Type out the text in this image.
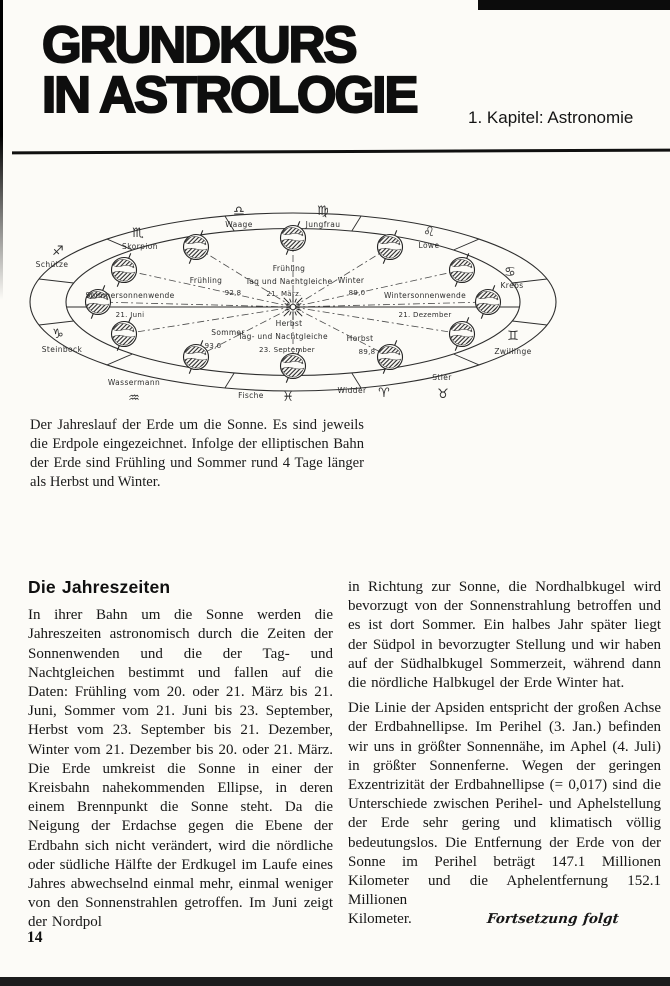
GRUNDKURS
IN ASTROLOGIE	1. Kapitel: Astronomie
Sommersonnenwende
21. Juni
Wintersonnenwende
21. Dezember
Frühling
Tag und Nachtgleiche
21. März.
Herbst
Tag- und Nachtgleiche
23. September
Frühling
92,8
Winter
89,0
Sommer
93,6
Herbst
89,8
♐
Schütze
♏
Skorpion
♎
Waage
♍
Jungfrau
♌
Löwe
♋
Krebs
♊
Zwillinge
Stier
♉
Widder ♈
Fische ♓
Wassermann
♒
♑
Steinbock
Der Jahreslauf der Erde um die Sonne. Es sind jeweils die Erdpole eingezeichnet. Infolge der elliptischen Bahn der Erde sind Frühling und Sommer rund 4 Tage länger als Herbst und Winter.
Die Jahreszeiten

In ihrer Bahn um die Sonne werden die Jahreszeiten astronomisch durch die Zeiten der Sonnenwenden und die der Tag- und Nachtgleichen bestimmt und fallen auf die Daten: Frühling vom 20. oder 21. März bis 21. Juni, Sommer vom 21. Juni bis 23. September, Herbst vom 23. September bis 21. Dezember, Winter vom 21. Dezember bis 20. oder 21. März. Die Erde umkreist die Sonne in einer der Kreisbahn nahekommenden Ellipse, in deren einem Brennpunkt die Sonne steht. Da die Neigung der Erdachse gegen die Ebene der Erdbahn sich nicht verändert, wird die nördliche oder südliche Hälfte der Erdkugel im Laufe eines Jahres abwechselnd einmal mehr, einmal weniger von den Sonnenstrahlen getroffen. Im Juni zeigt der Nordpol

in Richtung zur Sonne, die Nordhalbkugel wird bevorzugt von der Sonnenstrahlung betroffen und es ist dort Sommer. Ein halbes Jahr später liegt der Südpol in bevorzugter Stellung und wir haben auf der Südhalbkugel Sommerzeit, während dann die nördliche Halbkugel der Erde Winter hat.

Die Linie der Apsiden entspricht der großen Achse der Erdbahnellipse. Im Perihel (3. Jan.) befinden wir uns in größter Sonnennähe, im Aphel (4. Juli) in größter Sonnenferne. Wegen der geringen Exzentrizität der Erdbahnellipse (= 0,017) sind die Unterschiede zwischen Perihel- und Aphelstellung der Erde sehr gering und klimatisch völlig bedeutungslos. Die Entfernung der Erde von der Sonne im Perihel beträgt 147.1 Millionen Kilometer und die Aphelentfernung 152.1 Millionen

Kilometer.	Fortsetzung folgt
14
